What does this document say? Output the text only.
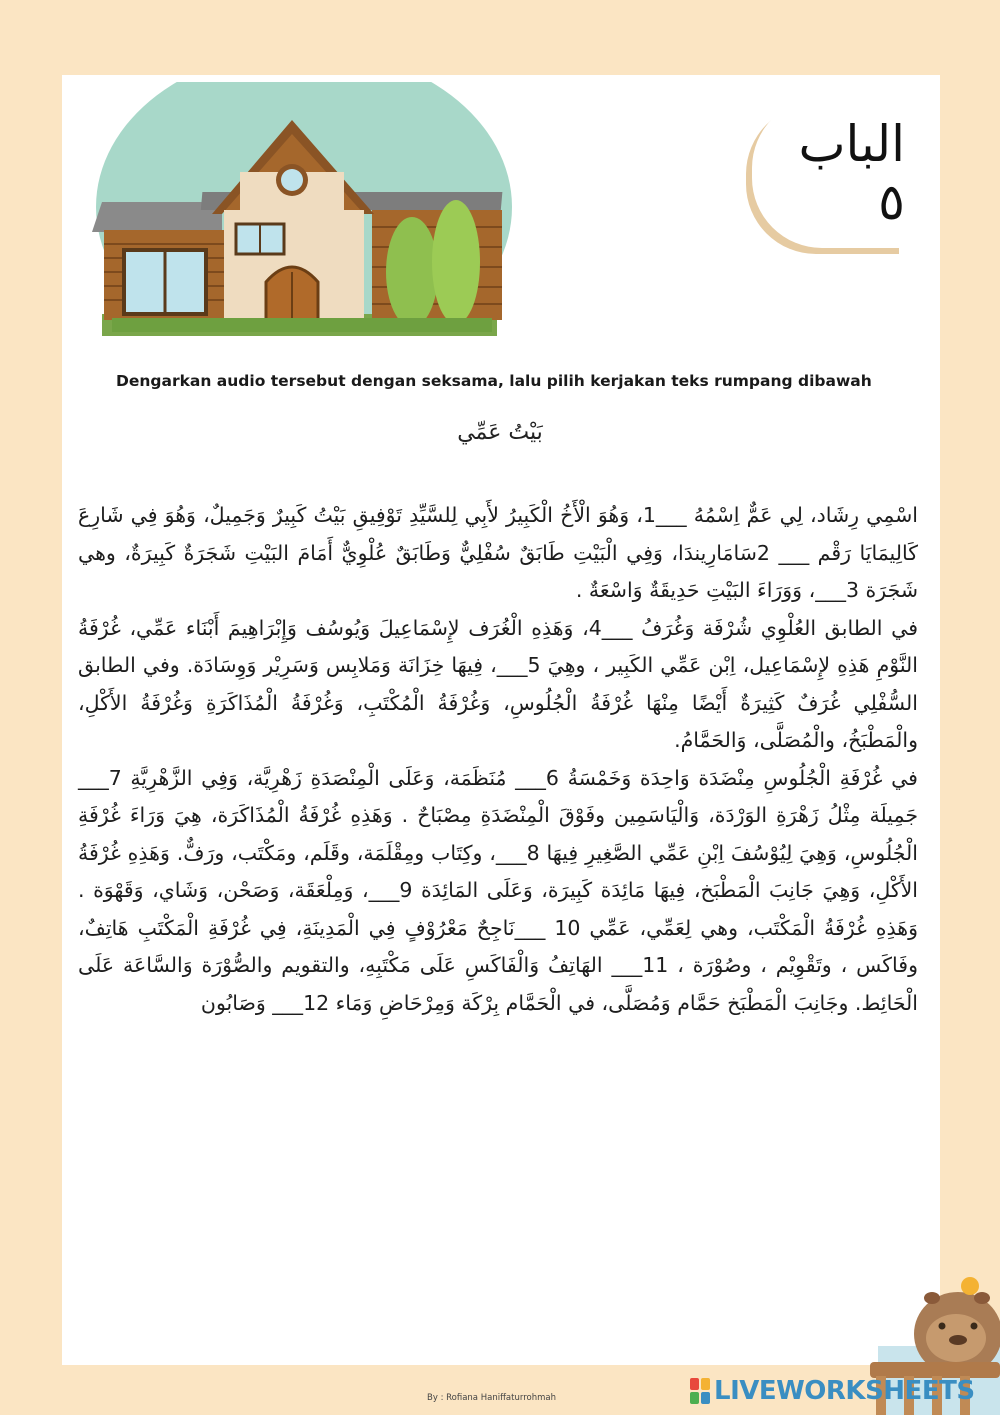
الباب ٥
Dengarkan audio tersebut dengan seksama, lalu pilih kerjakan teks rumpang dibawah
بَيْتُ عَمِّي

اسْمِي رِشَاد، لِي عَمٌّ اِسْمُهُ ___1، وَهُوَ الْأَخُ الْكَبِيرُ لأَبِي لِلسَّيِّدِ تَوْفِيقِ بَيْتُ كَبِيرٌ وَجَمِيلٌ، وَهُوَ فِي شَارِعَ كَالِيمَايَا رَقْم ___ 2سَامَارِيندَا، وَفِي الْبَيْتِ طَابَقٌ سُفْلِيٌّ وَطَابَقٌ عُلْوِيٌّ أَمَامَ البَيْتِ شَجَرَةٌ كَبِيرَةٌ، وهي شَجَرَة 3___، وَوَرَاءَ البَيْتِ حَدِيقَةٌ وَاسْعَةٌ .

في الطابق العُلْوِي شُرْفَة وَغُرَفُ ___4، وَهَذِهِ الْغُرَف لإِسْمَاعِيلَ وَيُوسُف وَإِبْرَاهِيمَ أَبْنَاء عَمِّي، غُرْفَةُ النَّوْمِ هَذِهِ لإِسْمَاعِيل، اِبْن عَمِّي الكَبِير ، وهِيَ 5___، فِيهَا خِزَانَة وَمَلابِس وَسَرِيْر وَوِسَادَة. وفي الطابق السُّفْلِي غُرَفٌ كَثِيرَةٌ أَيْضًا مِنْهَا غُرْفَةُ الْجُلُوسِ، وَغُرْفَةُ الْمُكْتَبِ، وَغُرْفَةُ الْمُذَاكَرَةِ وَغُرْفَةُ الأَكْلِ، والْمَطْبَخُ، والْمُصَلَّى، وَالحَمَّامُ.

في غُرْفَةِ الْجُلُوسِ مِنْضَدَة وَاحِدَة وَخَمْسَةُ 6___ مُنَظَمَة، وَعَلَى الْمِنْصَدَةِ زَهْرِيَّة، وَفِي الزَّهْرِيَّةِ 7___ جَمِيلَة مِثْلُ زَهْرَةِ الوَرْدَة، وَالْيَاسَمِين وفَوْقَ الْمِنْضَدَةِ مِصْبَاحٌ . وَهَذِهِ غُرْفَةُ الْمُذَاكَرَة، هِيَ وَرَاءَ غُرْفَةِ الْجُلُوسِ، وَهِيَ لِيُوْسُفَ اِبْنِ عَمِّي الصَّغِيرِ فِيهَا 8___، وكِتَاب ومِقْلَمَة، وقَلَم، ومَكْتَب، ورَفٌّ. وَهَذِهِ غُرْفَةُ الأَكْلِ، وَهِيَ جَانِبَ الْمَطْبَخ، فِيهَا مَائِدَة كَبِيرَة، وَعَلَى المَائِدَة 9___، وَمِلْعَقَة، وَصَحْن، وَشَاي، وَقَهْوَة . وَهَذِهِ غُرْفَةُ الْمَكْتَب، وهي لِعَمِّي، عَمِّي 10 ___نَاجِحٌ مَعْرُوْفٍ فِي الْمَدِينَةِ، فِي غُرْفَةِ الْمَكْتَبِ هَاتِفٌ، وفَاكَس ، وتَقْوِيْم ، وصُوْرَة ، 11___ الهَاتِفُ وَالْفَاكَسِ عَلَى مَكْتَبِهِ، والتقويم والصُّوْرَة وَالسَّاعَة عَلَى الْحَائِط. وجَانِبَ الْمَطْبَخ حَمَّام وَمُصَلَّى، في الْحَمَّام بِرْكَة وَمِرْحَاضِ وَمَاء 12___ وَصَابُون

By : Rofiana Haniffaturrohmah	LIVEWORKSHEETS
